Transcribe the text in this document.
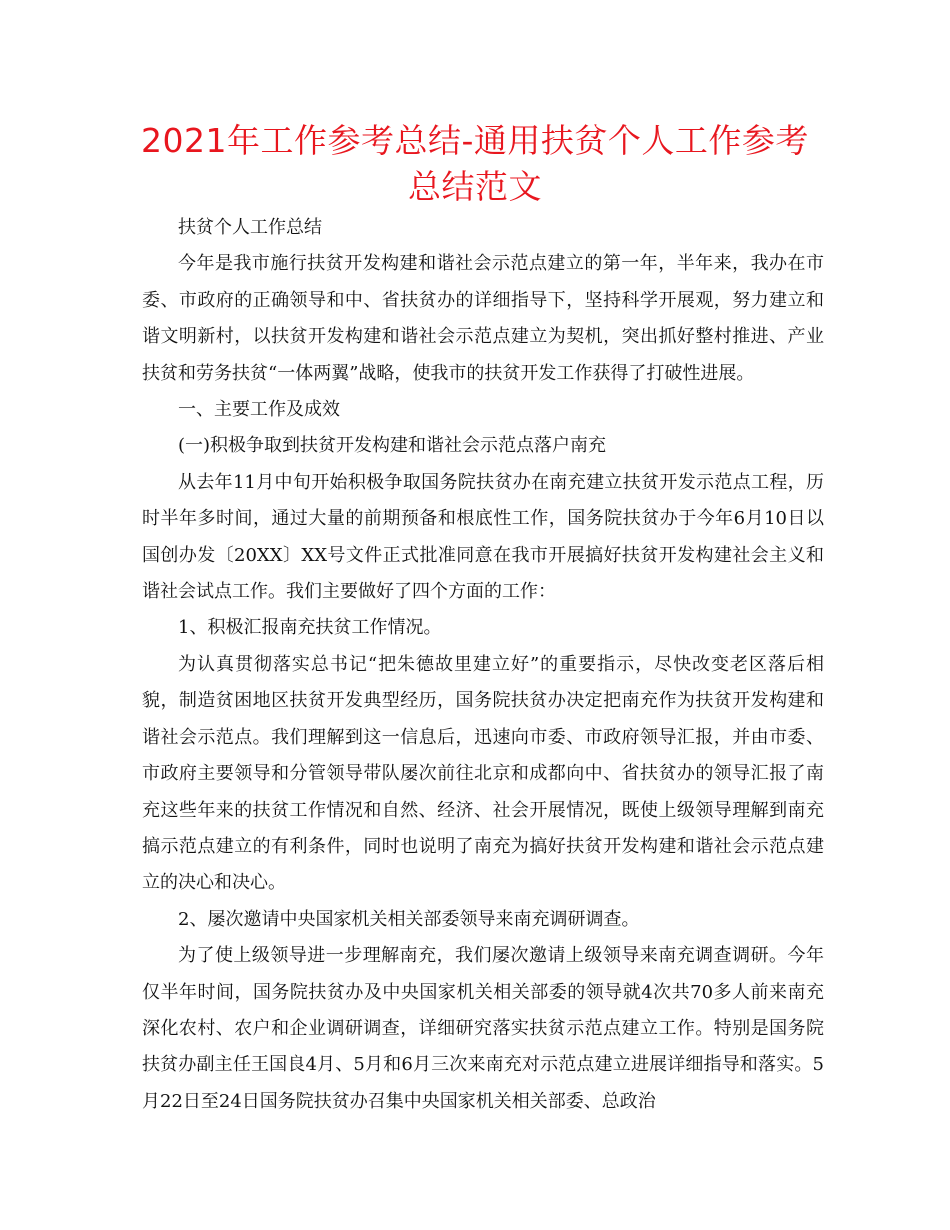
2021年工作参考总结-通用扶贫个人工作参考总结范文

扶贫个人工作总结

今年是我市施行扶贫开发构建和谐社会示范点建立的第一年，半年来，我办在市委、市政府的正确领导和中、省扶贫办的详细指导下，坚持科学开展观，努力建立和谐文明新村，以扶贫开发构建和谐社会示范点建立为契机，突出抓好整村推进、产业扶贫和劳务扶贫“一体两翼”战略，使我市的扶贫开发工作获得了打破性进展。

一、主要工作及成效

(一)积极争取到扶贫开发构建和谐社会示范点落户南充

从去年11月中旬开始积极争取国务院扶贫办在南充建立扶贫开发示范点工程，历时半年多时间，通过大量的前期预备和根底性工作，国务院扶贫办于今年6月10日以国创办发〔20XX〕XX号文件正式批准同意在我市开展搞好扶贫开发构建社会主义和谐社会试点工作。我们主要做好了四个方面的工作：

1、积极汇报南充扶贫工作情况。

为认真贯彻落实总书记“把朱德故里建立好”的重要指示，尽快改变老区落后相貌，制造贫困地区扶贫开发典型经历，国务院扶贫办决定把南充作为扶贫开发构建和谐社会示范点。我们理解到这一信息后，迅速向市委、市政府领导汇报，并由市委、市政府主要领导和分管领导带队屡次前往北京和成都向中、省扶贫办的领导汇报了南充这些年来的扶贫工作情况和自然、经济、社会开展情况，既使上级领导理解到南充搞示范点建立的有利条件，同时也说明了南充为搞好扶贫开发构建和谐社会示范点建立的决心和决心。

2、屡次邀请中央国家机关相关部委领导来南充调研调查。

为了使上级领导进一步理解南充，我们屡次邀请上级领导来南充调查调研。今年仅半年时间，国务院扶贫办及中央国家机关相关部委的领导就4次共70多人前来南充深化农村、农户和企业调研调查，详细研究落实扶贫示范点建立工作。特别是国务院扶贫办副主任王国良4月、5月和6月三次来南充对示范点建立进展详细指导和落实。5月22日至24日国务院扶贫办召集中央国家机关相关部委、总政治
